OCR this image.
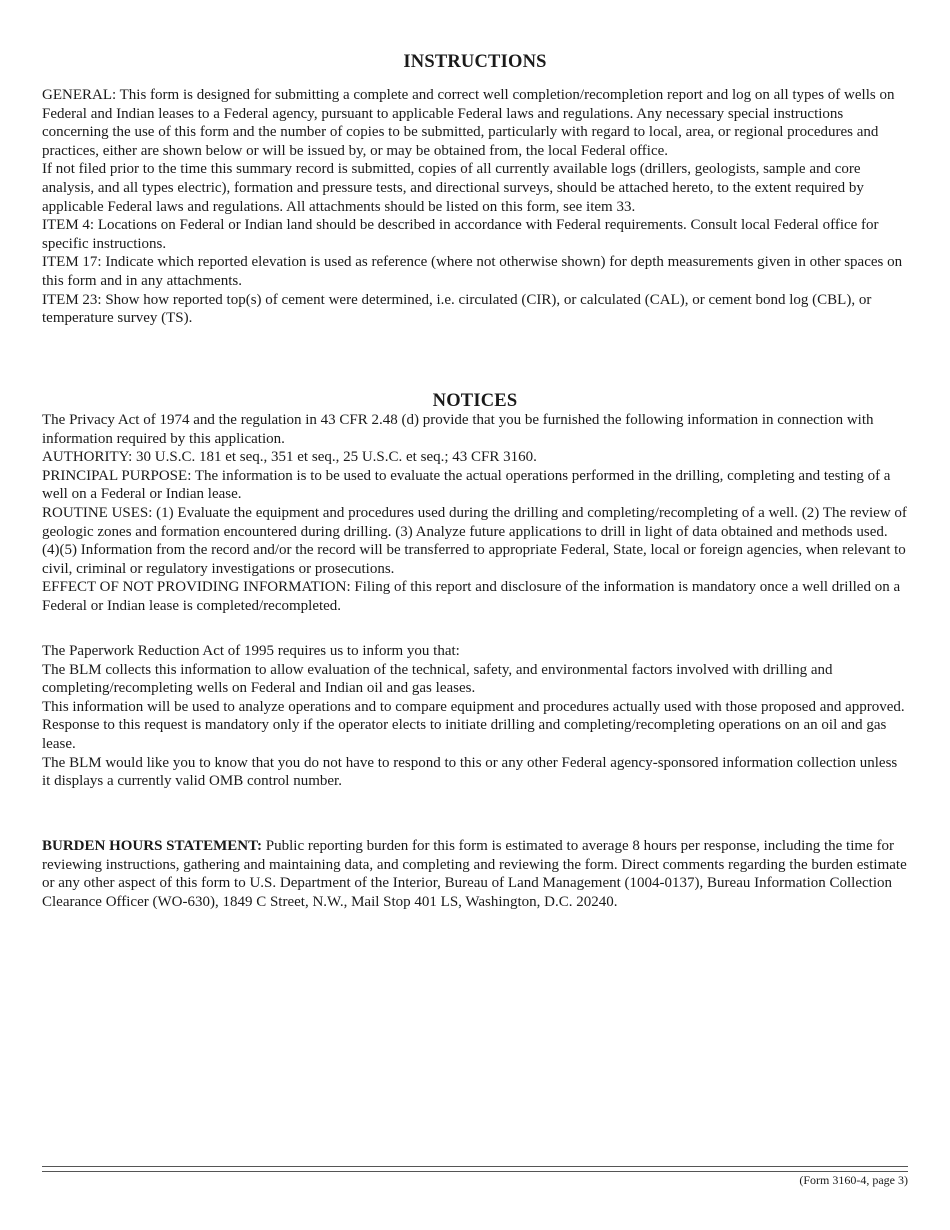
INSTRUCTIONS

GENERAL: This form is designed for submitting a complete and correct well completion/recompletion report and log on all types of wells on Federal and Indian leases to a Federal agency, pursuant to applicable Federal laws and regulations. Any necessary special instructions concerning the use of this form and the number of copies to be submitted, particularly with regard to local, area, or regional procedures and practices, either are shown below or will be issued by, or may be obtained from, the local Federal office.

If not filed prior to the time this summary record is submitted, copies of all currently available logs (drillers, geologists, sample and core analysis, and all types electric), formation and pressure tests, and directional surveys, should be attached hereto, to the extent required by applicable Federal laws and regulations. All attachments should be listed on this form, see item 33.

ITEM 4: Locations on Federal or Indian land should be described in accordance with Federal requirements. Consult local Federal office for specific instructions.

ITEM 17: Indicate which reported elevation is used as reference (where not otherwise shown) for depth measurements given in other spaces on this form and in any attachments.

ITEM 23: Show how reported top(s) of cement were determined, i.e. circulated (CIR), or calculated (CAL), or cement bond log (CBL), or temperature survey (TS).

NOTICES

The Privacy Act of 1974 and the regulation in 43 CFR 2.48 (d) provide that you be furnished the following information in connection with information required by this application.

AUTHORITY: 30 U.S.C. 181 et seq., 351 et seq., 25 U.S.C. et seq.; 43 CFR 3160.

PRINCIPAL PURPOSE: The information is to be used to evaluate the actual operations performed in the drilling, completing and testing of a well on a Federal or Indian lease.

ROUTINE USES: (1) Evaluate the equipment and procedures used during the drilling and completing/recompleting of a well. (2) The review of geologic zones and formation encountered during drilling. (3) Analyze future applications to drill in light of data obtained and methods used. (4)(5) Information from the record and/or the record will be transferred to appropriate Federal, State, local or foreign agencies, when relevant to civil, criminal or regulatory investigations or prosecutions.

EFFECT OF NOT PROVIDING INFORMATION: Filing of this report and disclosure of the information is mandatory once a well drilled on a Federal or Indian lease is completed/recompleted.

The Paperwork Reduction Act of 1995 requires us to inform you that:

The BLM collects this information to allow evaluation of the technical, safety, and environmental factors involved with drilling and completing/recompleting wells on Federal and Indian oil and gas leases.

This information will be used to analyze operations and to compare equipment and procedures actually used with those proposed and approved.

Response to this request is mandatory only if the operator elects to initiate drilling and completing/recompleting operations on an oil and gas lease.

The BLM would like you to know that you do not have to respond to this or any other Federal agency-sponsored information collection unless it displays a currently valid OMB control number.

BURDEN HOURS STATEMENT: Public reporting burden for this form is estimated to average 8 hours per response, including the time for reviewing instructions, gathering and maintaining data, and completing and reviewing the form. Direct comments regarding the burden estimate or any other aspect of this form to U.S. Department of the Interior, Bureau of Land Management (1004-0137), Bureau Information Collection Clearance Officer (WO-630), 1849 C Street, N.W., Mail Stop 401 LS, Washington, D.C. 20240.

(Form 3160-4, page 3)
